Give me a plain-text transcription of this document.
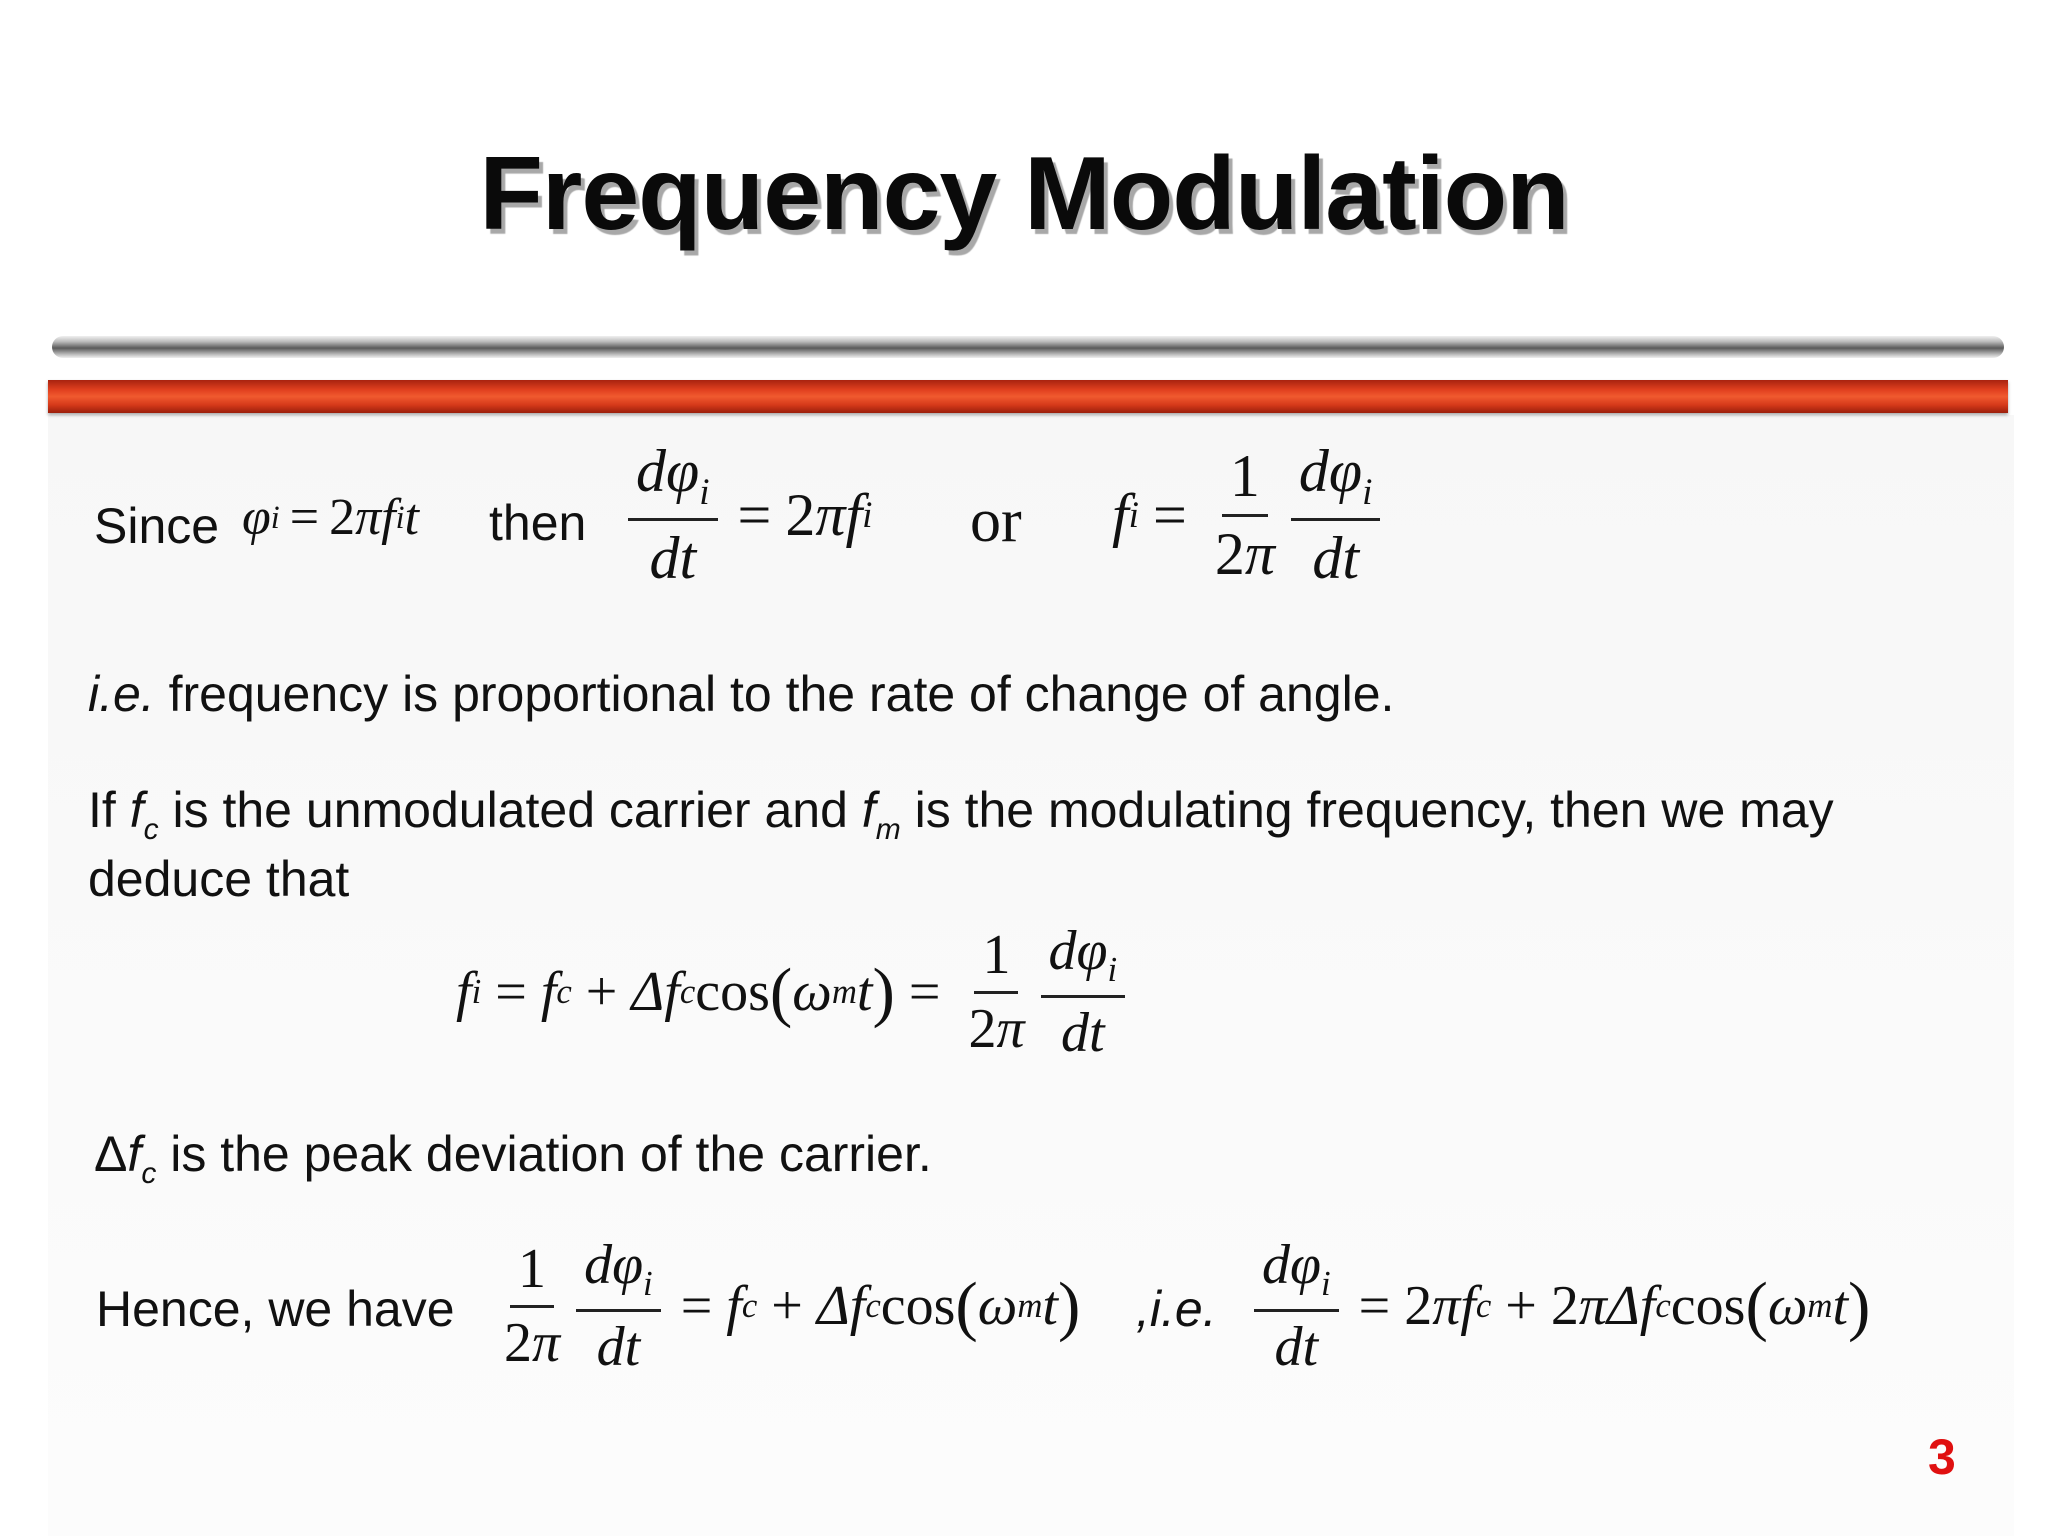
Frequency Modulation
Since φ i = 2 πf i t then $\frac{d\varphi_i}{dt} = 2$ πf i or f $i = \frac{1}{2\pi} \frac{d\varphi_i}{dt}$
i.e. frequency is proportional to the rate of change of angle.
If $f_c$ is the unmodulated carrier and $f_m$ is the modulating frequency, then we may
deduce that
f i = f c + Δf c cos ( ω m t ) = $\frac{1}{2\pi} \frac{d\varphi_i}{dt}$
$\Delta f_c$ is the peak deviation of the carrier.
Hence, we have $\frac{1}{2\pi} \frac{d\varphi_i}{dt} = f$ c + Δf c cos ( ω m t ) ,i.e. $\frac{d\varphi_i}{dt} = 2$ πf c + 2 πΔf c cos ( ω m t )
3
